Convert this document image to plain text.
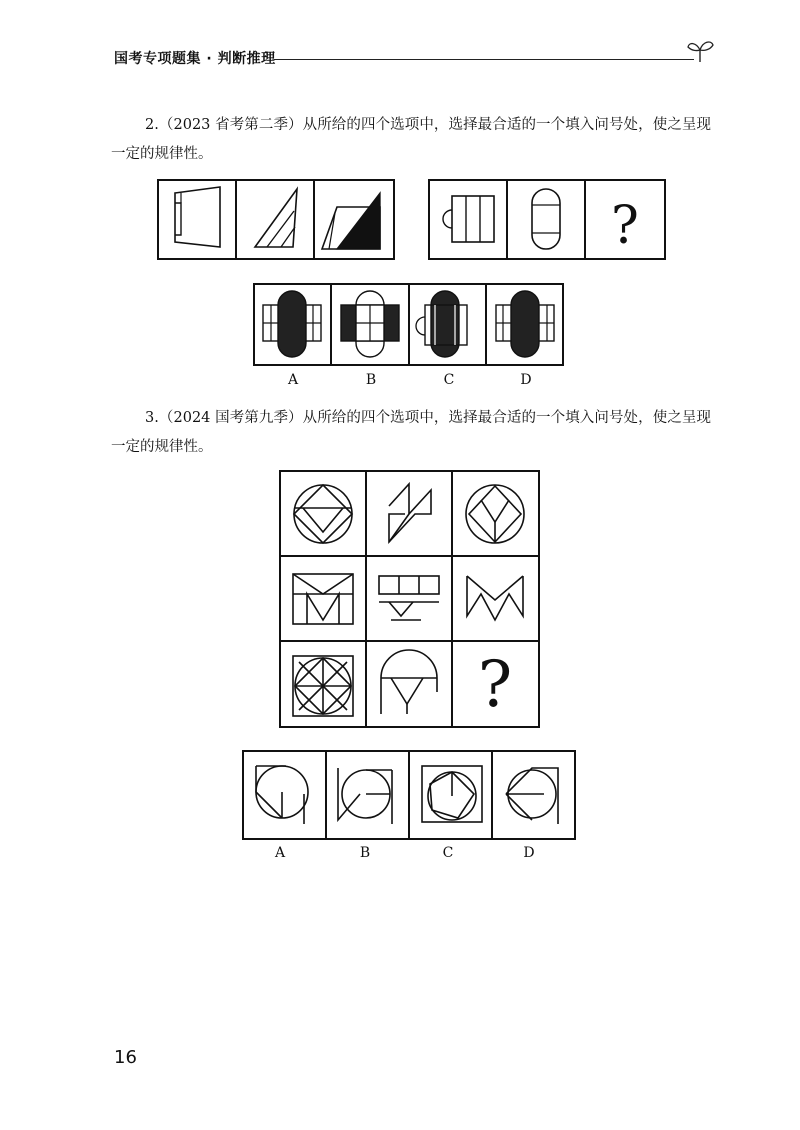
国考专项题集 · 判断推理
2.（2023 省考第二季）从所给的四个选项中，选择最合适的一个填入问号处，使之呈现一定的规律性。
?
A	B	C	D
3.（2024 国考第九季）从所给的四个选项中，选择最合适的一个填入问号处，使之呈现一定的规律性。
?
A	B	C	D
16
